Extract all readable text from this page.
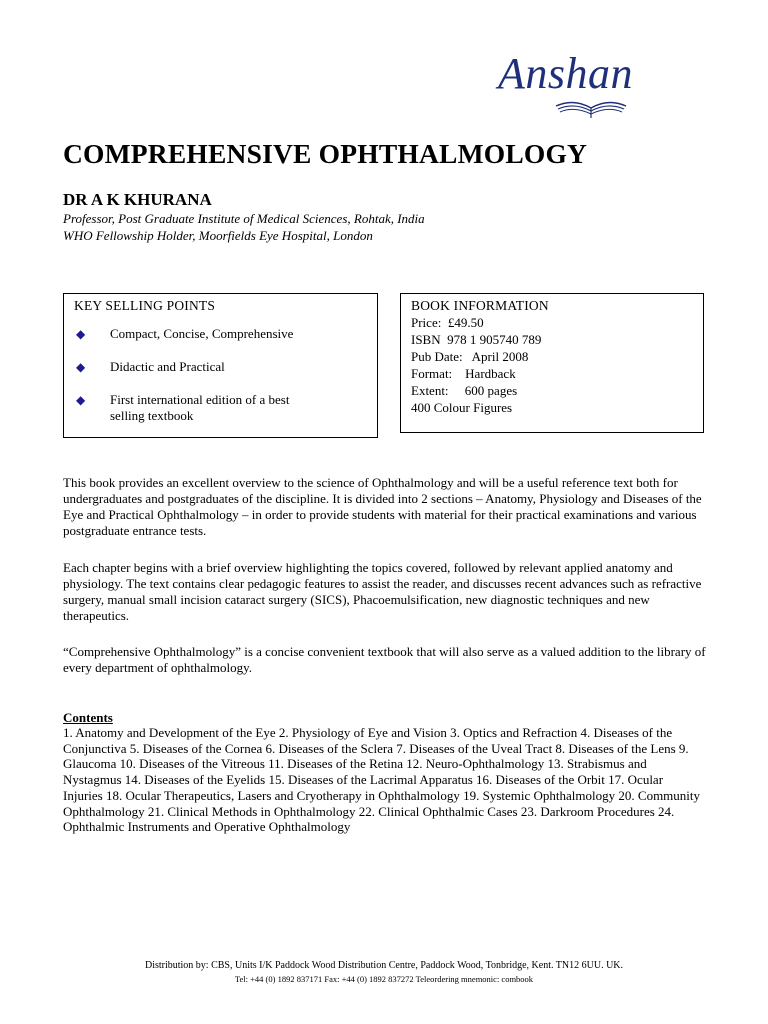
Anshan
COMPREHENSIVE OPHTHALMOLOGY
DR A K KHURANA
Professor, Post Graduate Institute of Medical Sciences, Rohtak, India
WHO Fellowship Holder, Moorfields Eye Hospital, London
KEY SELLING POINTS
◆ Compact, Concise, Comprehensive
◆ Didactic and Practical
◆ First international edition of a best selling textbook
BOOK INFORMATION
Price:  £49.50
ISBN  978 1 905740 789
Pub Date:   April 2008
Format:    Hardback
Extent:     600 pages
400 Colour Figures
This book provides an excellent overview to the science of Ophthalmology and will be a useful reference text both for undergraduates and postgraduates of the discipline. It is divided into 2 sections – Anatomy, Physiology and Diseases of the Eye and Practical Ophthalmology – in order to provide students with material for their practical examinations and various postgraduate entrance tests.
Each chapter begins with a brief overview highlighting the topics covered, followed by relevant applied anatomy and physiology. The text contains clear pedagogic features to assist the reader, and discusses recent advances such as refractive surgery, manual small incision cataract surgery (SICS), Phacoemulsification, new diagnostic techniques and new therapeutics.
“Comprehensive Ophthalmology” is a concise convenient textbook that will also serve as a valued addition to the library of every department of ophthalmology.
Contents
1. Anatomy and Development of the Eye 2. Physiology of Eye and Vision 3. Optics and Refraction 4. Diseases of the Conjunctiva 5. Diseases of the Cornea 6. Diseases of the Sclera 7. Diseases of the Uveal Tract 8. Diseases of the Lens 9. Glaucoma 10. Diseases of the Vitreous 11. Diseases of the Retina 12. Neuro-Ophthalmology 13. Strabismus and Nystagmus 14. Diseases of the Eyelids 15. Diseases of the Lacrimal Apparatus 16. Diseases of the Orbit 17. Ocular Injuries 18. Ocular Therapeutics, Lasers and Cryotherapy in Ophthalmology 19. Systemic Ophthalmology 20. Community Ophthalmology 21. Clinical Methods in Ophthalmology 22. Clinical Ophthalmic Cases 23. Darkroom Procedures 24. Ophthalmic Instruments and Operative Ophthalmology
Distribution by: CBS, Units I/K Paddock Wood Distribution Centre, Paddock Wood, Tonbridge, Kent. TN12 6UU. UK.
Tel: +44 (0) 1892 837171 Fax: +44 (0) 1892 837272 Teleordering mnemonic: combook
